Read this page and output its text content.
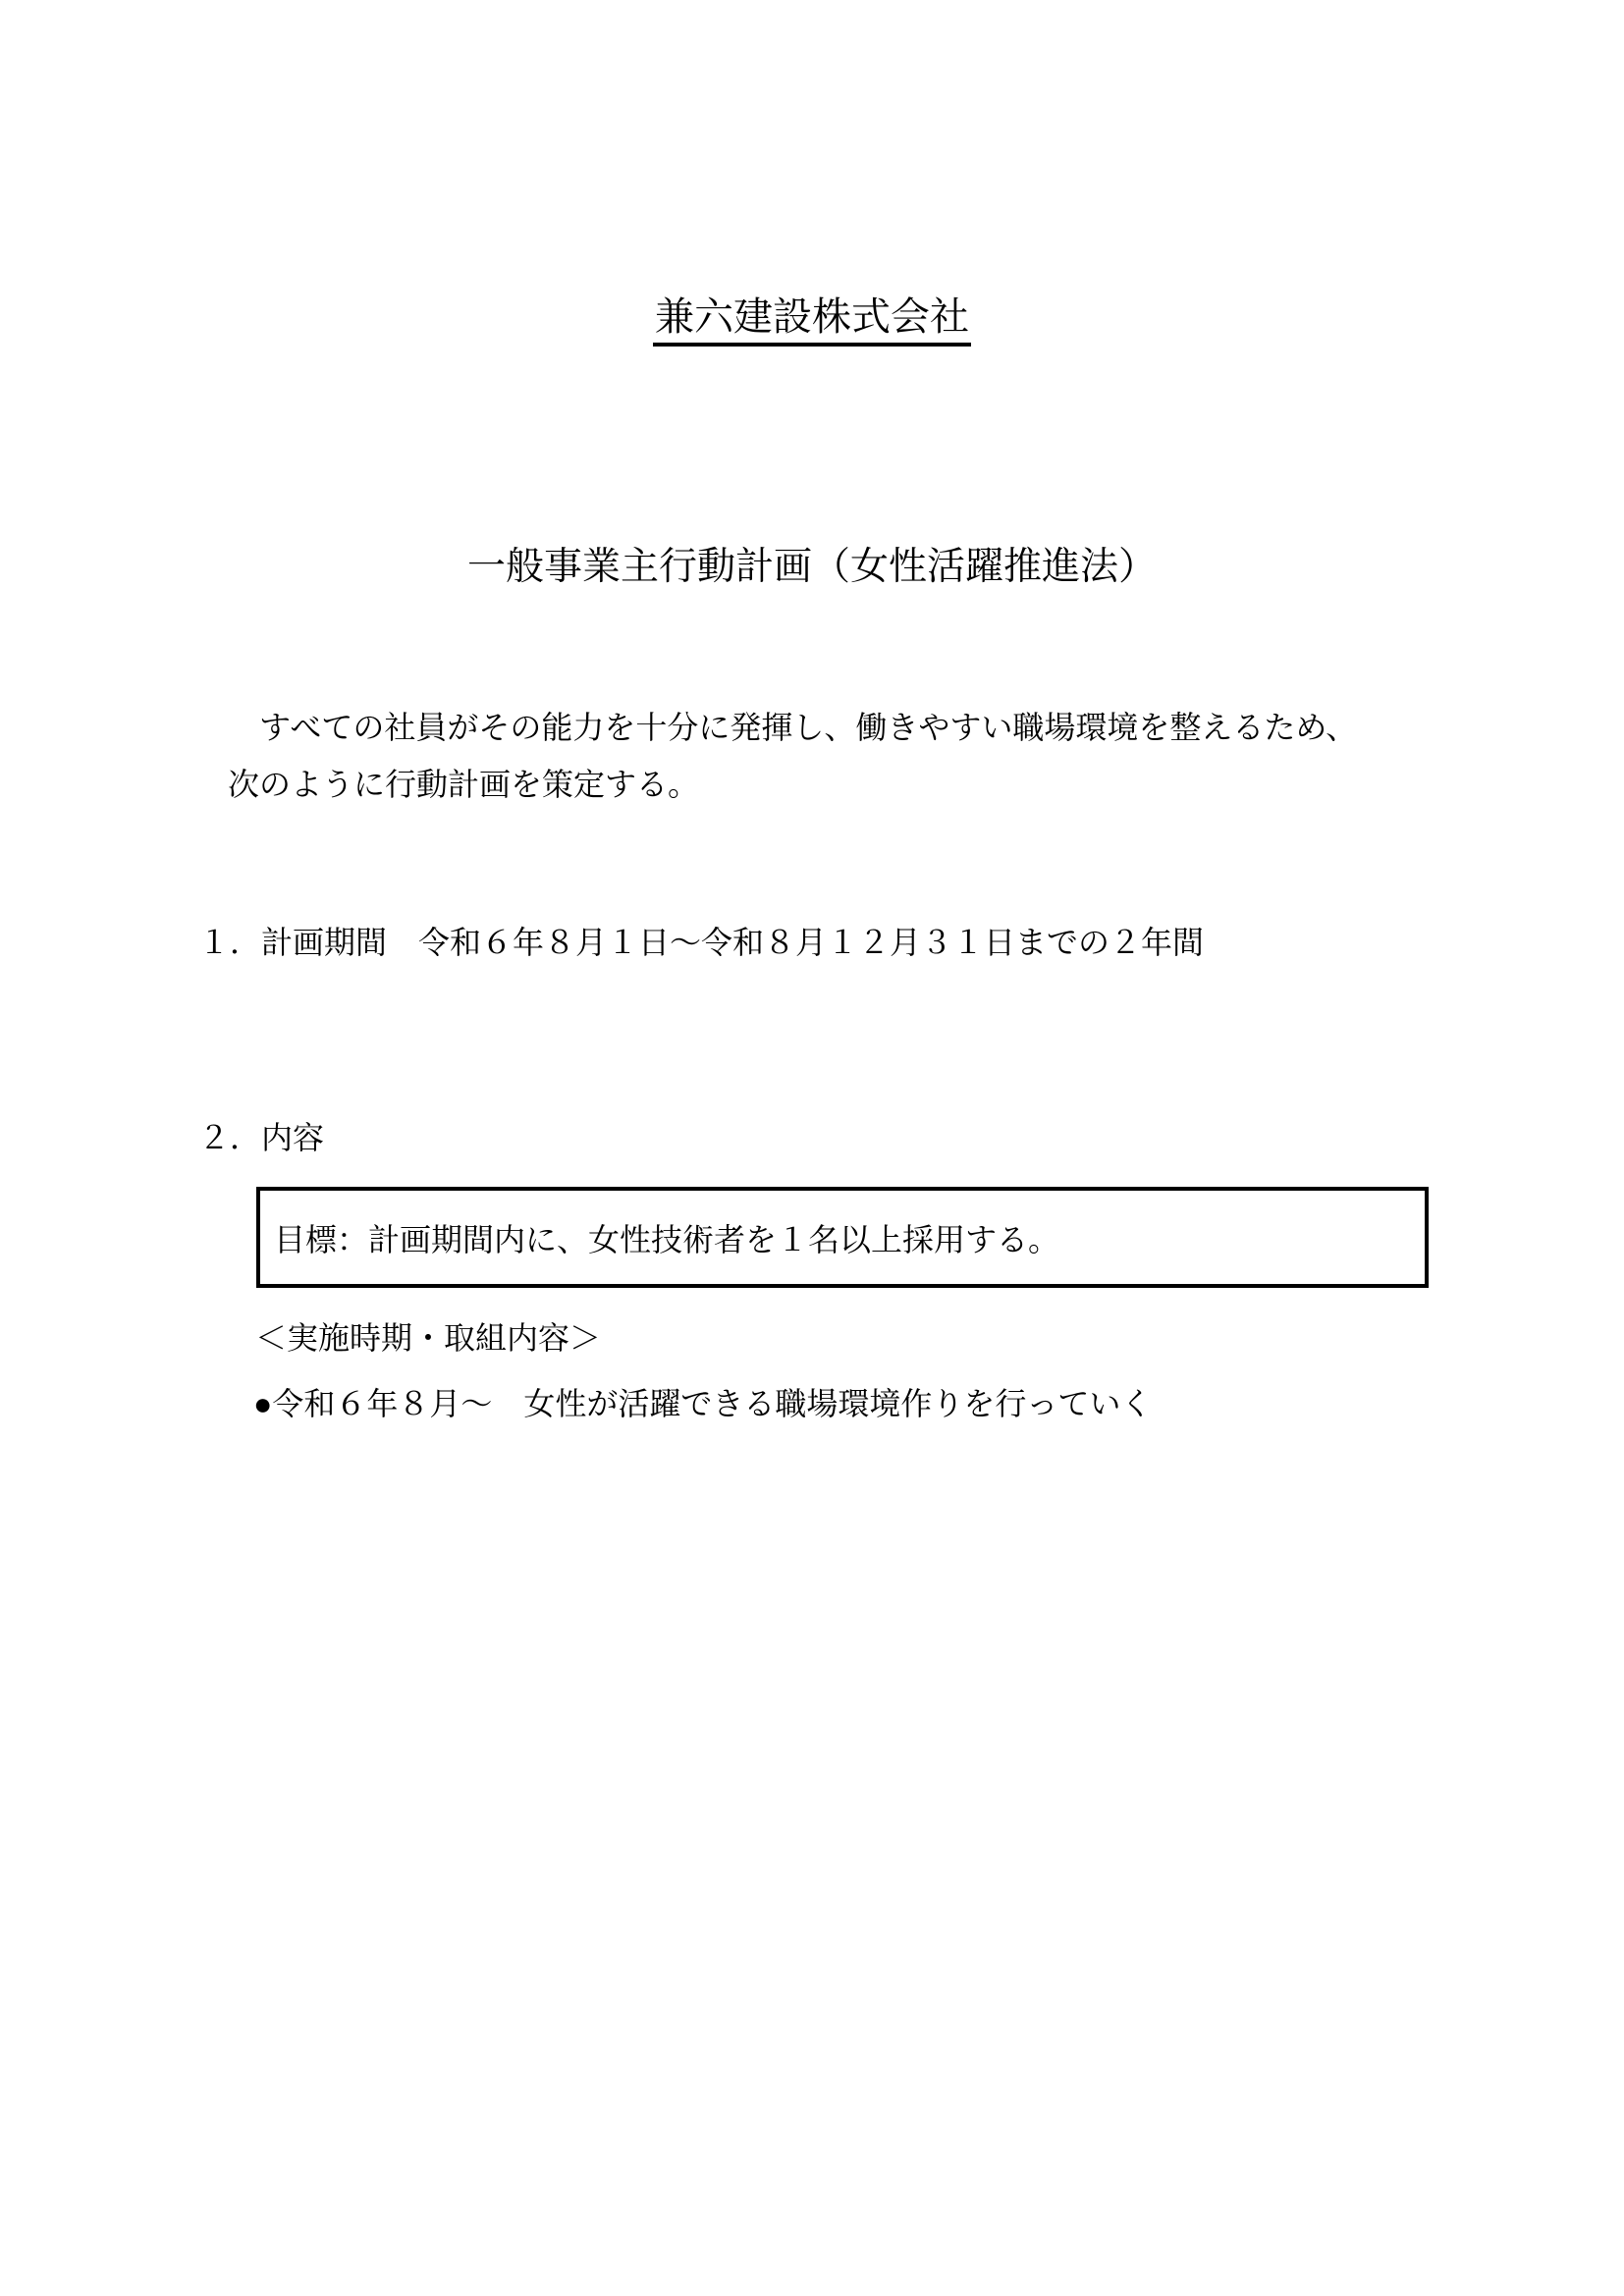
兼六建設株式会社
一般事業主行動計画（女性活躍推進法）
　すべての社員がその能力を十分に発揮し、働きやすい職場環境を整えるため、
次のように行動計画を策定する。
１．計画期間　令和６年８月１日～令和８月１２月３１日までの２年間
２．内容
目標：計画期間内に、女性技術者を１名以上採用する。
＜実施時期・取組内容＞
●令和６年８月～　女性が活躍できる職場環境作りを行っていく
